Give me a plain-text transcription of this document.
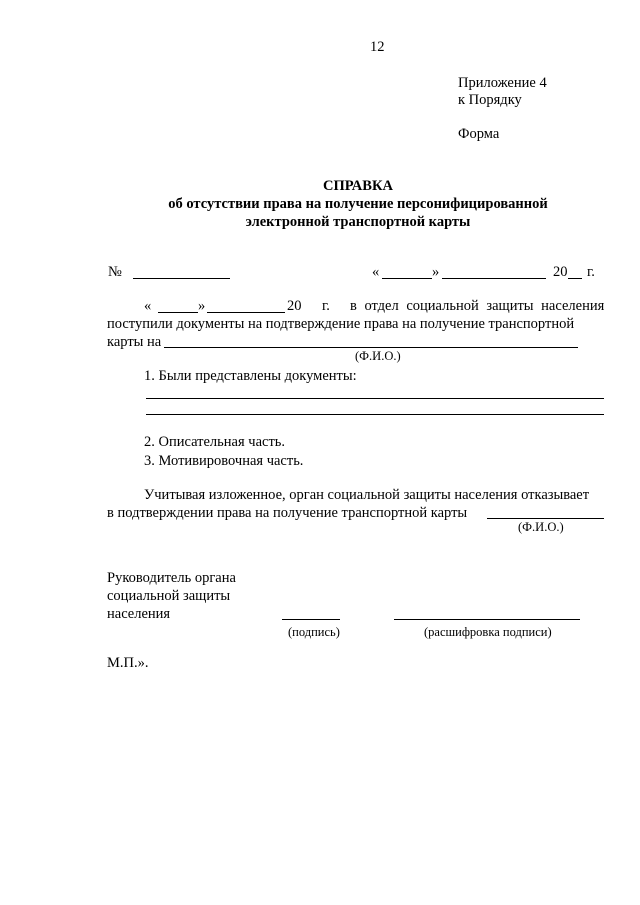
12
Приложение 4
к Порядку
Форма
СПРАВКА
об отсутствии права на получение персонифицированной
электронной транспортной карты
№	«	»	20 г.
«	»	20 г. в отдел социальной защиты населения
поступили документы на подтверждение права на получение транспортной
карты на
(Ф.И.О.)
1. Были представлены документы:
2. Описательная часть.
3. Мотивировочная часть.
Учитывая изложенное, орган социальной защиты населения отказывает
в подтверждении права на получение транспортной карты
(Ф.И.О.)
Руководитель органа
социальной защиты
населения
(подпись)	(расшифровка подписи)
М.П.».
